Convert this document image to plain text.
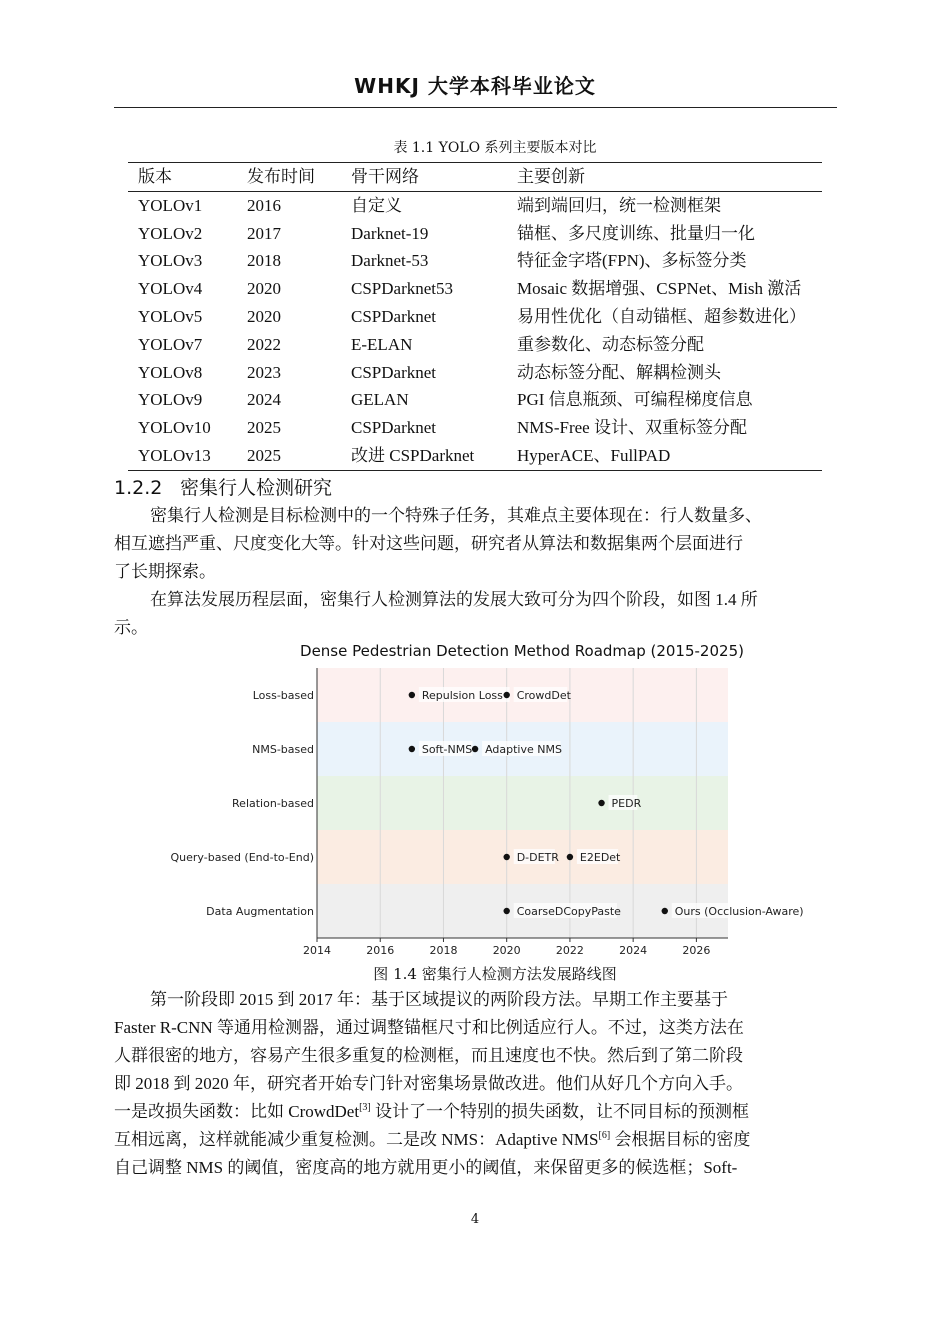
WHKJ 大学本科毕业论文
表 1.1 YOLO 系列主要版本对比
版本	发布时间	骨干网络	主要创新
YOLOv1	2016	自定义	端到端回归，统一检测框架
YOLOv2	2017	Darknet-19	锚框、多尺度训练、批量归一化
YOLOv3	2018	Darknet-53	特征金字塔(FPN)、多标签分类
YOLOv4	2020	CSPDarknet53	Mosaic 数据增强、CSPNet、Mish 激活
YOLOv5	2020	CSPDarknet	易用性优化（自动锚框、超参数进化）
YOLOv7	2022	E-ELAN	重参数化、动态标签分配
YOLOv8	2023	CSPDarknet	动态标签分配、解耦检测头
YOLOv9	2024	GELAN	PGI 信息瓶颈、可编程梯度信息
YOLOv10	2025	CSPDarknet	NMS-Free 设计、双重标签分配
YOLOv13	2025	改进 CSPDarknet	HyperACE、FullPAD
1.2.2 密集行人检测研究
密集行人检测是目标检测中的一个特殊子任务，其难点主要体现在：行人数量多、
相互遮挡严重、尺度变化大等。针对这些问题，研究者从算法和数据集两个层面进行
了长期探索。
在算法发展历程层面，密集行人检测算法的发展大致可分为四个阶段，如图 1.4 所
示。
Dense Pedestrian Detection Method Roadmap (2015-2025)
Repulsion Loss CrowdDet
Soft-NMS Adaptive NMS
PEDR
D-DETR E2EDet
CoarseDCopyPaste	Ours (Occlusion-Aware)
Loss-based
NMS-based
Relation-based
Query-based (End-to-End)
Data Augmentation
2014	2016	2018	2020	2022	2024	2026
图 1.4 密集行人检测方法发展路线图
第一阶段即 2015 到 2017 年：基于区域提议的两阶段方法。早期工作主要基于
Faster R-CNN 等通用检测器，通过调整锚框尺寸和比例适应行人。不过，这类方法在
人群很密的地方，容易产生很多重复的检测框，而且速度也不快。然后到了第二阶段
即 2018 到 2020 年，研究者开始专门针对密集场景做改进。他们从好几个方向入手。
一是改损失函数：比如 CrowdDet[3] 设计了一个特别的损失函数，让不同目标的预测框
互相远离，这样就能减少重复检测。二是改 NMS：Adaptive NMS[6] 会根据目标的密度
自己调整 NMS 的阈值，密度高的地方就用更小的阈值，来保留更多的候选框；Soft-
4
